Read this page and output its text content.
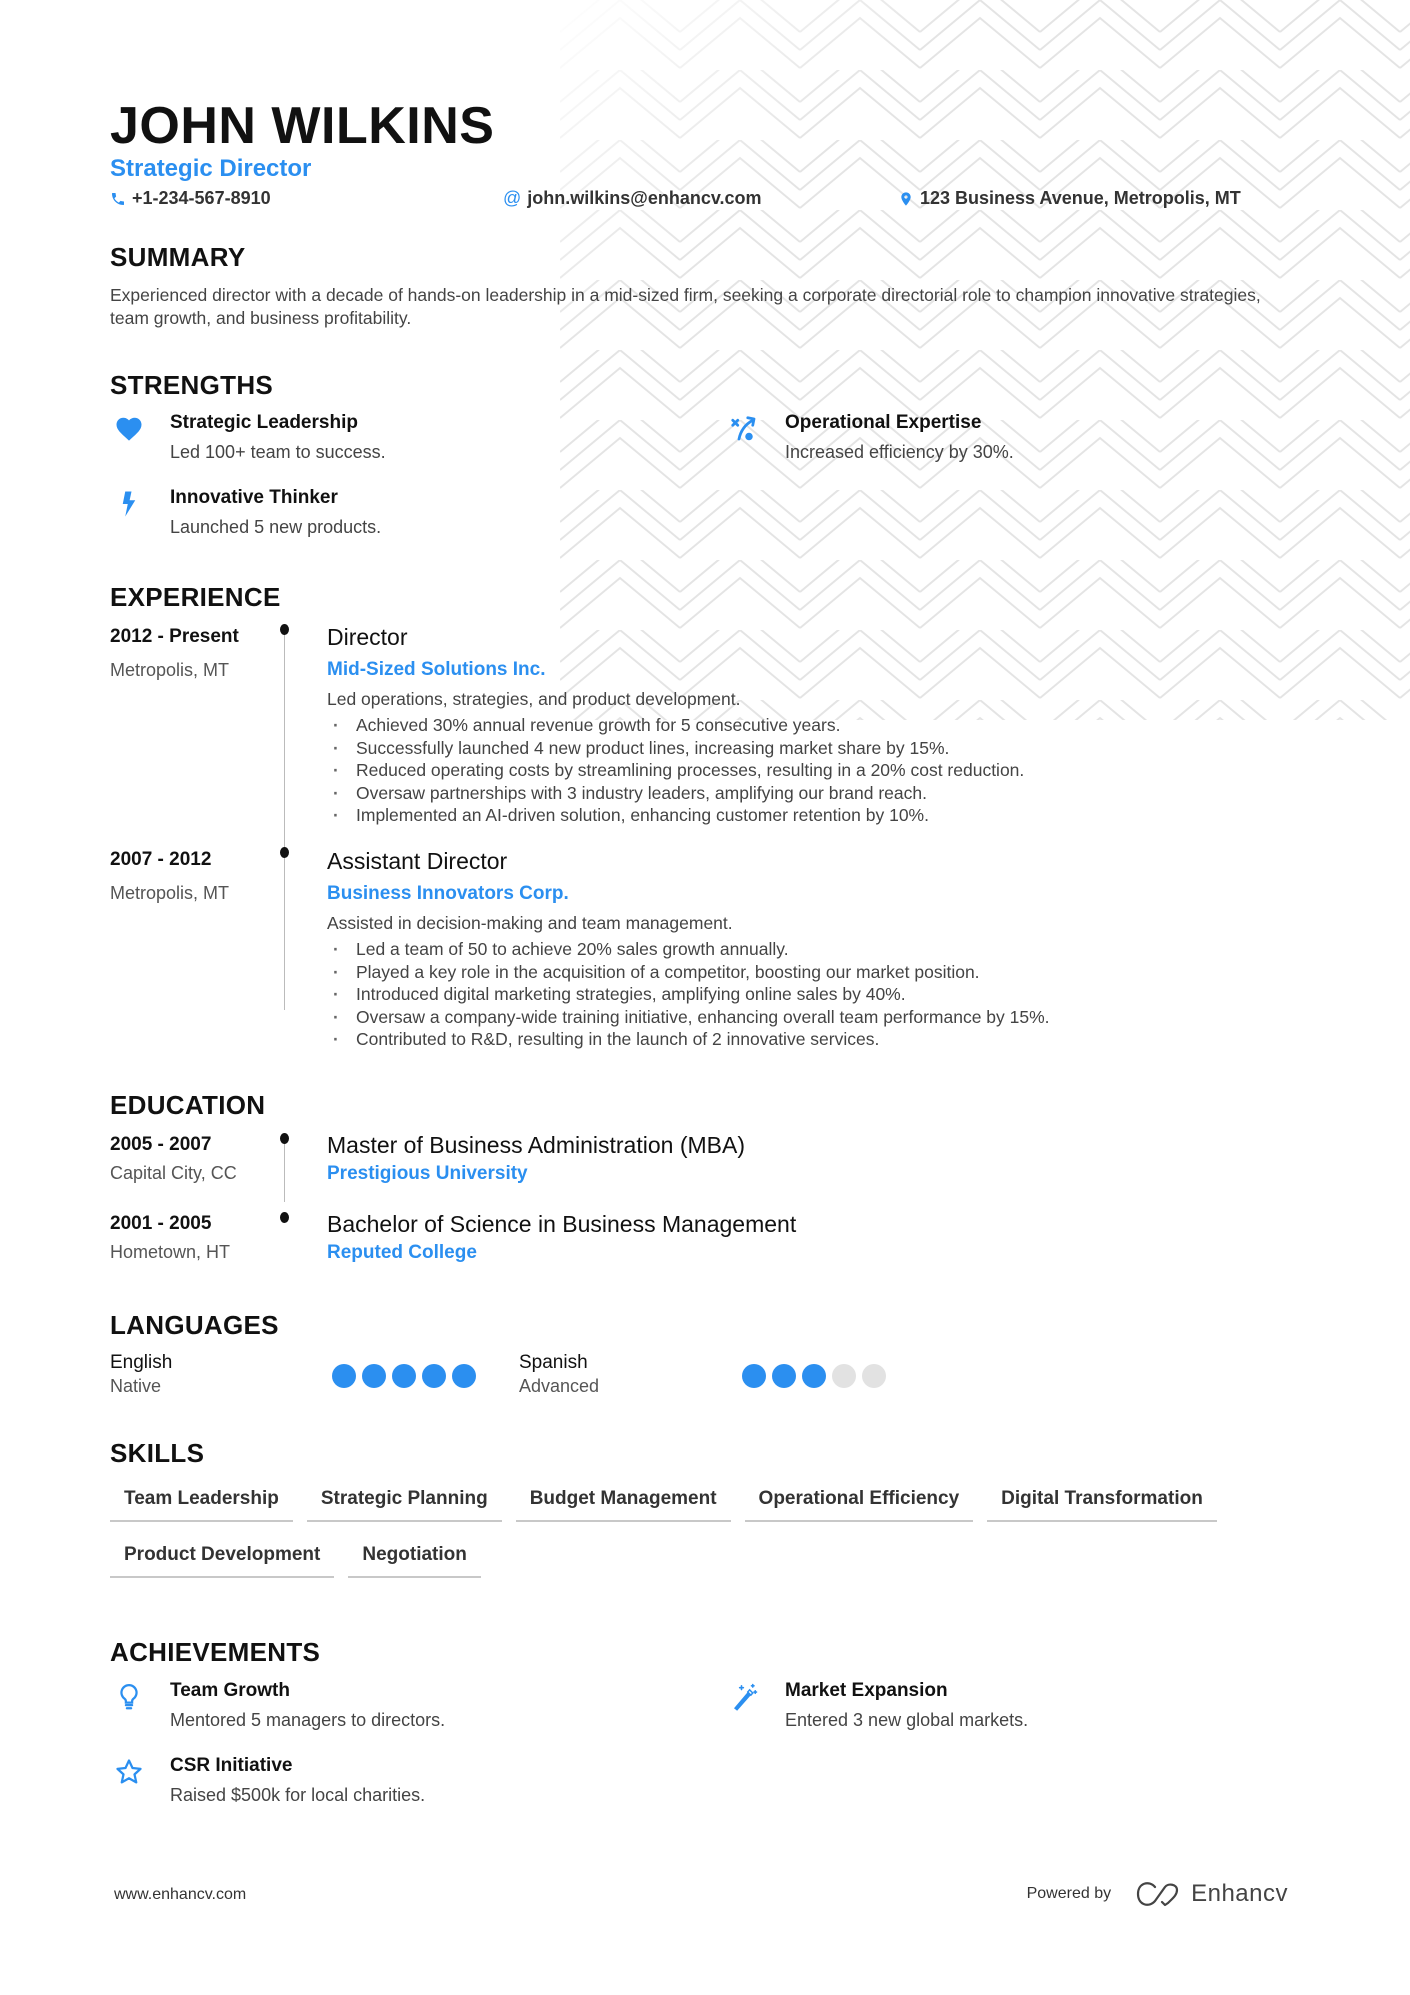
JOHN WILKINS
Strategic Director
+1-234-567-8910	@ john.wilkins@enhancv.com	123 Business Avenue, Metropolis, MT
SUMMARY
Experienced director with a decade of hands-on leadership in a mid-sized firm, seeking a corporate directorial role to champion innovative strategies, team growth, and business profitability.
STRENGTHS
Strategic Leadership
Led 100+ team to success.
Operational Expertise
Increased efficiency by 30%.
Innovative Thinker
Launched 5 new products.
EXPERIENCE
2012 - Present
Metropolis, MT
Director
Mid-Sized Solutions Inc.
Led operations, strategies, and product development.
· Achieved 30% annual revenue growth for 5 consecutive years.
· Successfully launched 4 new product lines, increasing market share by 15%.
· Reduced operating costs by streamlining processes, resulting in a 20% cost reduction.
· Oversaw partnerships with 3 industry leaders, amplifying our brand reach.
· Implemented an AI-driven solution, enhancing customer retention by 10%.
2007 - 2012
Metropolis, MT
Assistant Director
Business Innovators Corp.
Assisted in decision-making and team management.
· Led a team of 50 to achieve 20% sales growth annually.
· Played a key role in the acquisition of a competitor, boosting our market position.
· Introduced digital marketing strategies, amplifying online sales by 40%.
· Oversaw a company-wide training initiative, enhancing overall team performance by 15%.
· Contributed to R&D, resulting in the launch of 2 innovative services.
EDUCATION
2005 - 2007
Capital City, CC
Master of Business Administration (MBA)
Prestigious University
2001 - 2005
Hometown, HT
Bachelor of Science in Business Management
Reputed College
LANGUAGES
English
Native
Spanish
Advanced
SKILLS
Team Leadership	Strategic Planning	Budget Management	Operational Efficiency	Digital Transformation
Product Development	Negotiation
ACHIEVEMENTS
Team Growth
Mentored 5 managers to directors.
Market Expansion
Entered 3 new global markets.
CSR Initiative
Raised $500k for local charities.
www.enhancv.com	Powered by	Enhancv
